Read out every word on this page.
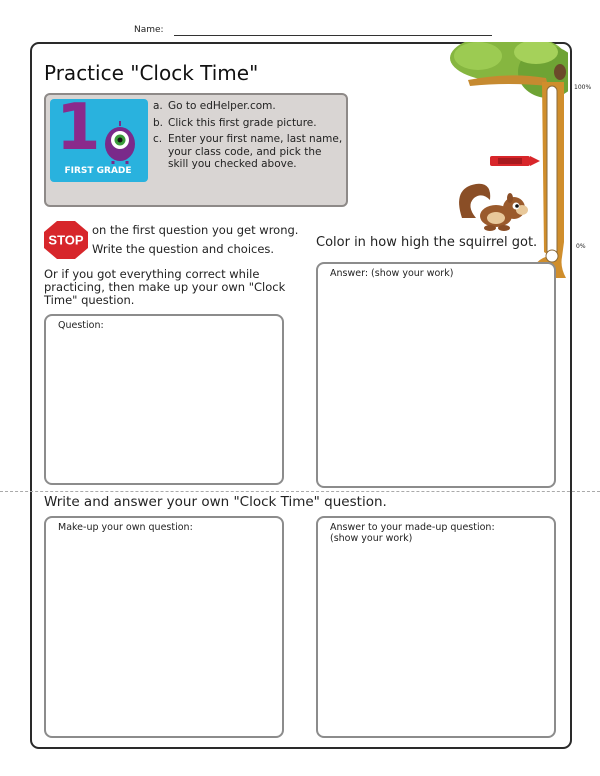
Name:
100%
0%
Practice "Clock Time"
1
FIRST GRADE
a. Go to edHelper.com.
b. Click this first grade picture.
c. Enter your first name, last name, your class code, and pick the skill you checked above.
STOP
on the first question you get wrong.
Write the question and choices.
Or if you got everything correct while practicing, then make up your own "Clock Time" question.
Color in how high the squirrel got.
Question:
Answer: (show your work)
Write and answer your own "Clock Time" question.
Make-up your own question:	Answer to your made-up question:
(show your work)
